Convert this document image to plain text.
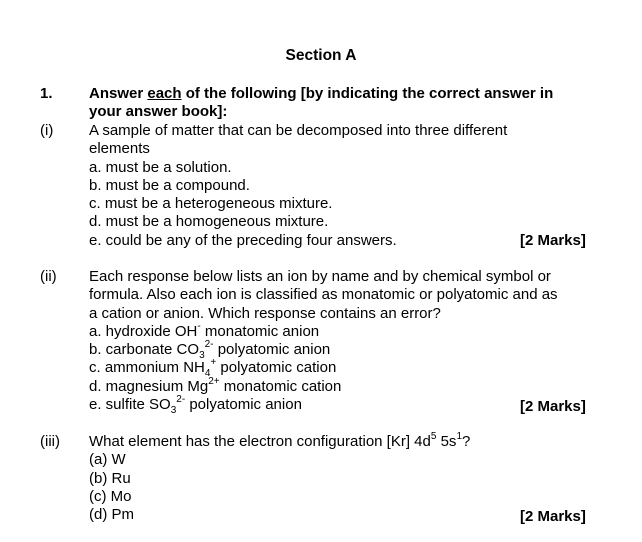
Section A
1. Answer each of the following [by indicating the correct answer in
your answer book]:
(i) A sample of matter that can be decomposed into three different
elements
a. must be a solution.
b. must be a compound.
c. must be a heterogeneous mixture.
d. must be a homogeneous mixture.
e. could be any of the preceding four answers.	[2 Marks]
(ii) Each response below lists an ion by name and by chemical symbol or
formula. Also each ion is classified as monatomic or polyatomic and as
a cation or anion. Which response contains an error?
a. hydroxide OH- monatomic anion
b. carbonate $CO_3^{2-}$ polyatomic anion
c. ammonium $NH_4^+$ polyatomic cation
d. magnesium $Mg^{2+}$ monatomic cation
e. sulfite $SO_3^{2-}$ polyatomic anion	[2 Marks]
(iii) What element has the electron configuration [Kr] $4d^5$ $5s^1$?
(a) W
(b) Ru
(c) Mo
(d) Pm	[2 Marks]
